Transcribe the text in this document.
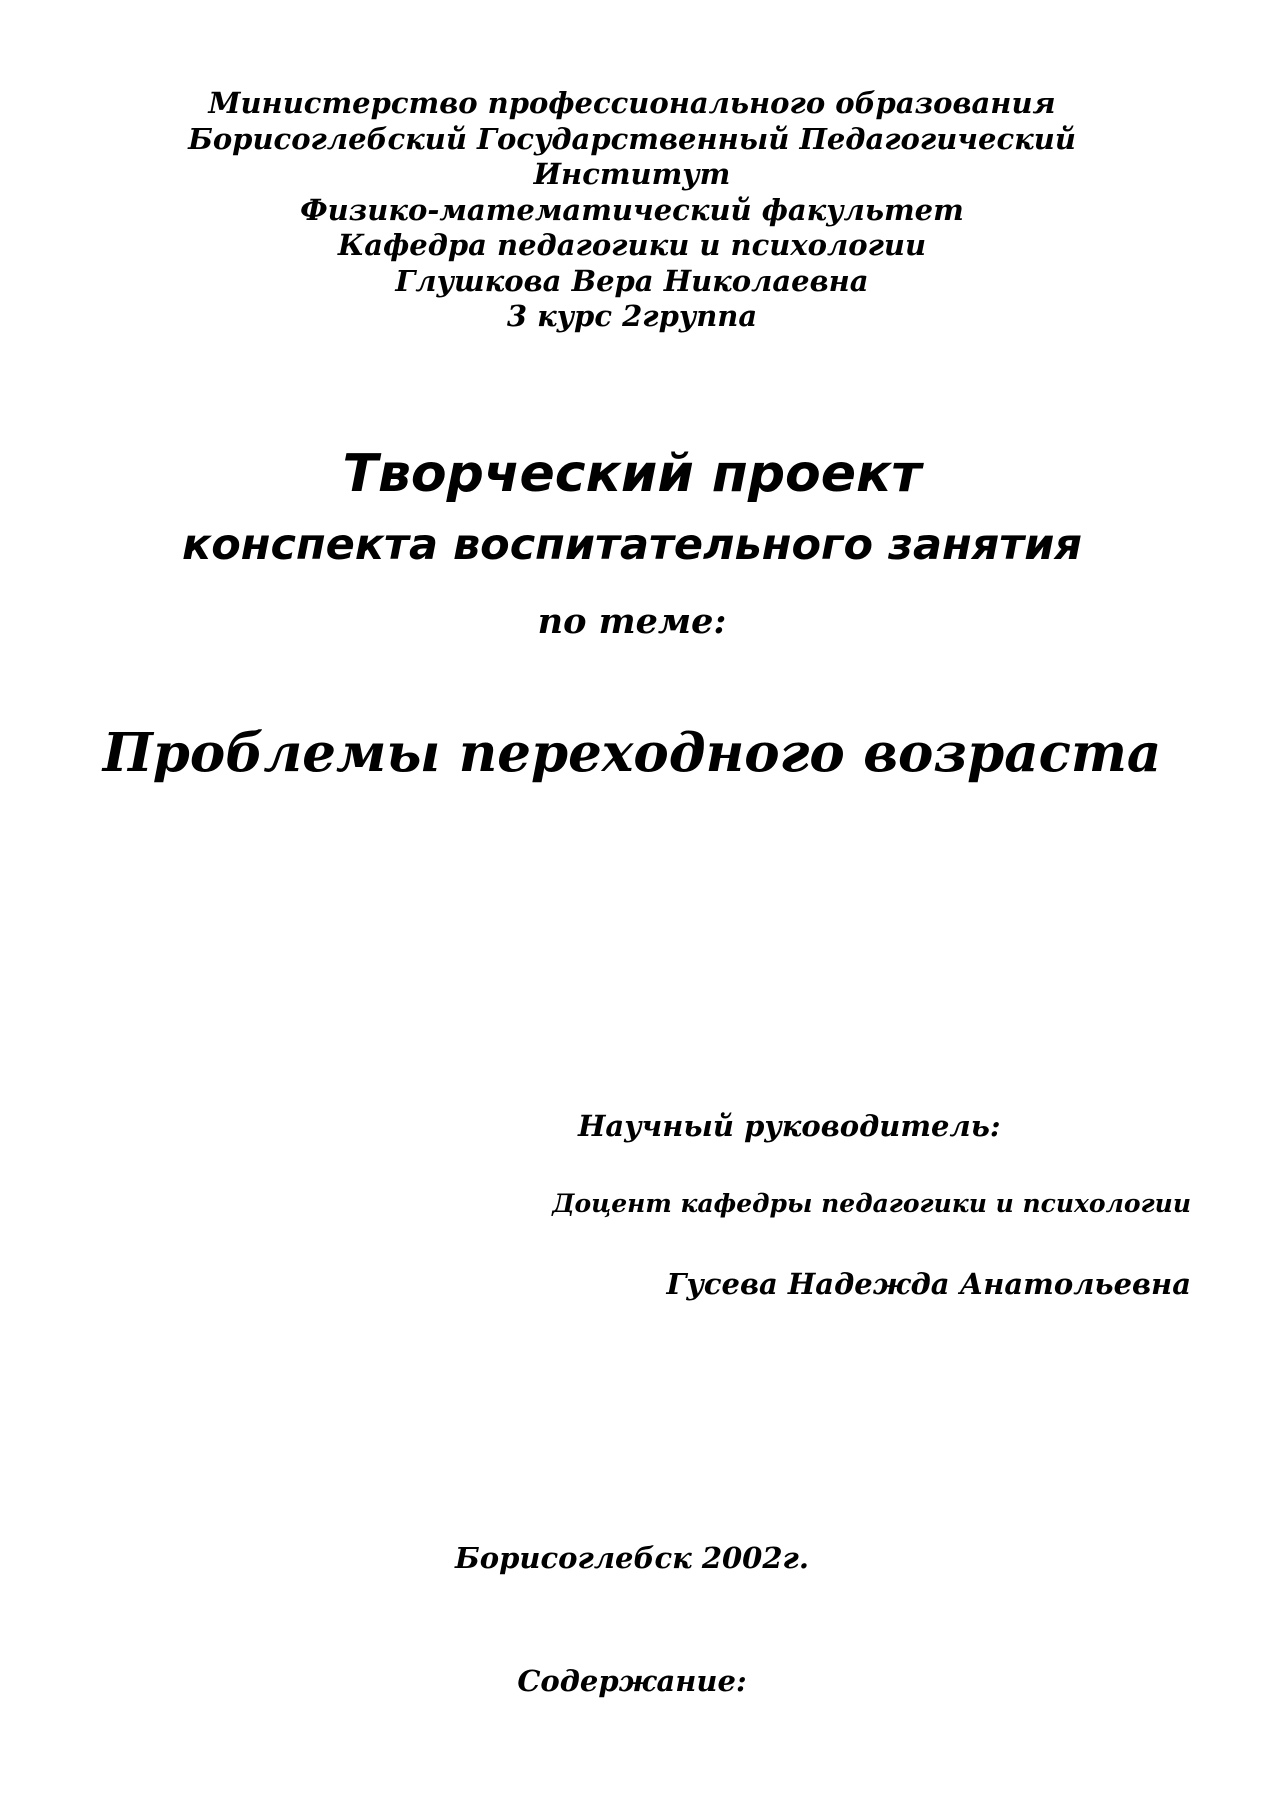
Министерство профессионального образования
Борисоглебский Государственный Педагогический
Институт
Физико-математический факультет
Кафедра педагогики и психологии
Глушкова Вера Николаевна
3 курс 2группа
Творческий проект
конспекта воспитательного занятия
по теме:
Проблемы переходного возраста
Научный руководитель:
Доцент кафедры педагогики и психологии
Гусева Надежда Анатольевна
Борисоглебск 2002г.
Содержание:
